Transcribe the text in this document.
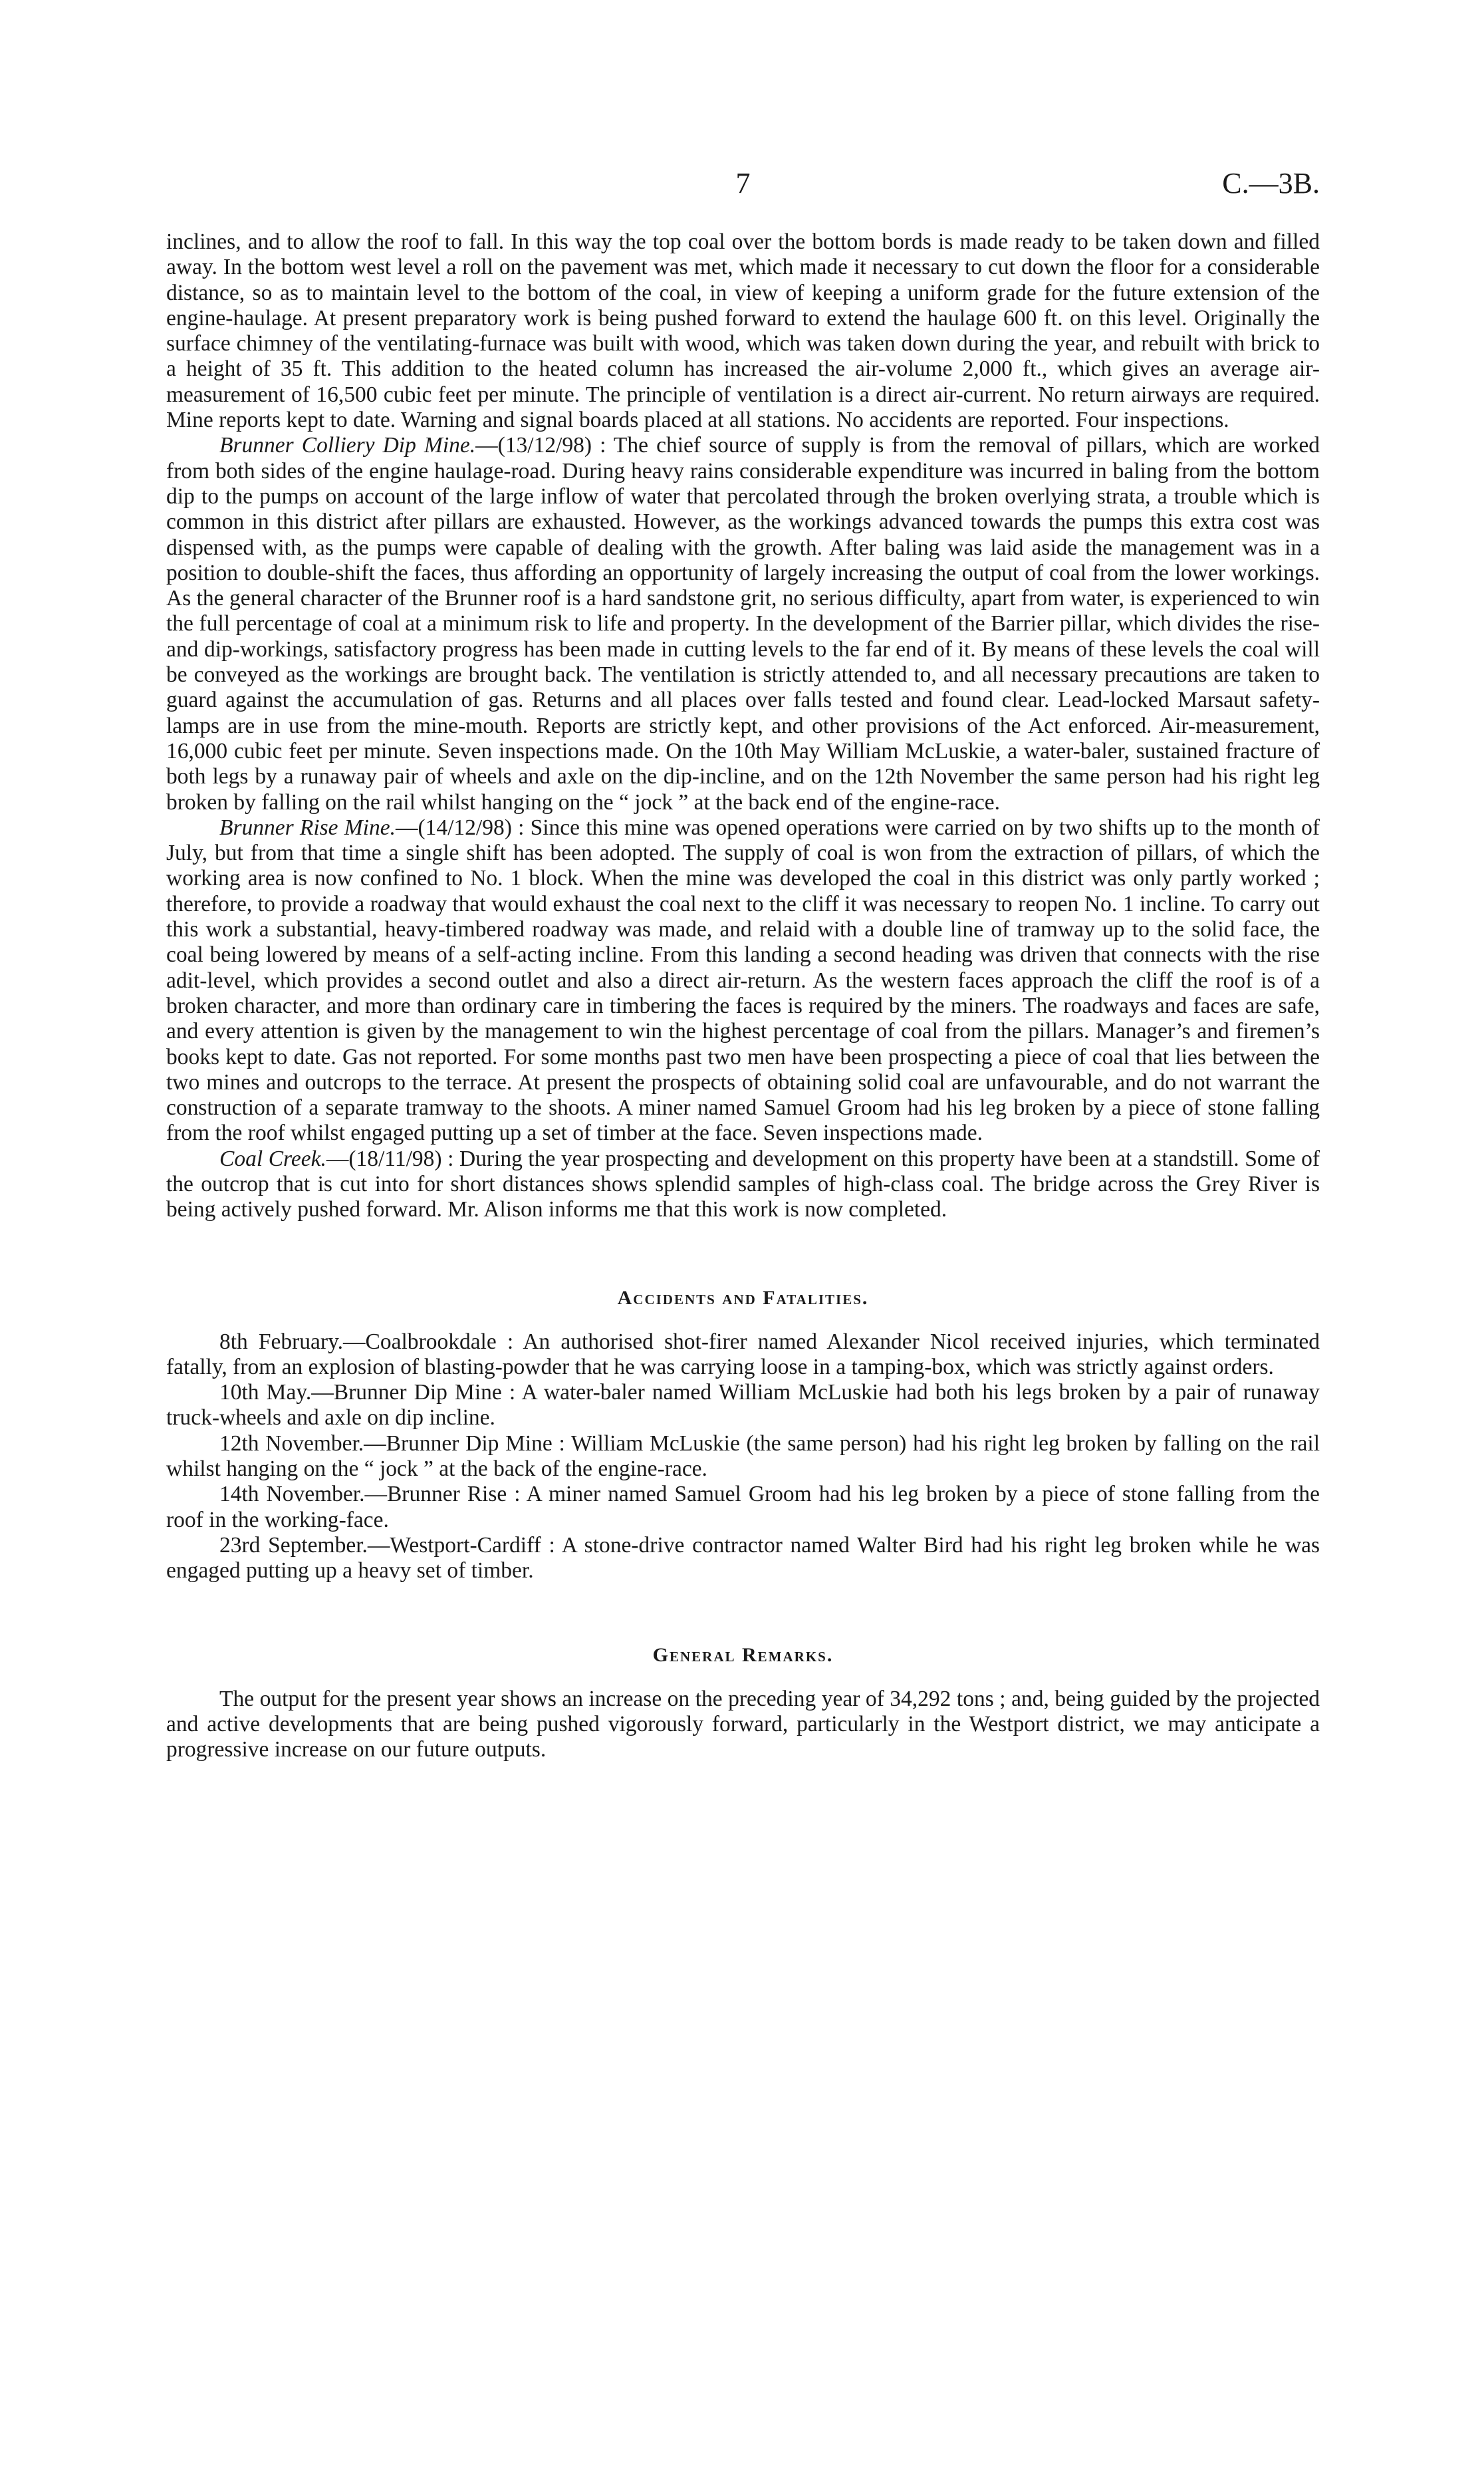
7	C.—3B.

inclines, and to allow the roof to fall. In this way the top coal over the bottom bords is made ready to be taken down and filled away. In the bottom west level a roll on the pavement was met, which made it necessary to cut down the floor for a considerable distance, so as to maintain level to the bottom of the coal, in view of keeping a uniform grade for the future extension of the engine-haulage. At present preparatory work is being pushed forward to extend the haulage 600 ft. on this level. Originally the surface chimney of the ventilating-furnace was built with wood, which was taken down during the year, and rebuilt with brick to a height of 35 ft. This addition to the heated column has increased the air-volume 2,000 ft., which gives an average air-measurement of 16,500 cubic feet per minute. The principle of ventilation is a direct air-current. No return airways are required. Mine reports kept to date. Warning and signal boards placed at all stations. No accidents are reported. Four inspections.

Brunner Colliery Dip Mine.—(13/12/98) : The chief source of supply is from the removal of pillars, which are worked from both sides of the engine haulage-road. During heavy rains considerable expenditure was incurred in baling from the bottom dip to the pumps on account of the large inflow of water that percolated through the broken overlying strata, a trouble which is common in this district after pillars are exhausted. However, as the workings advanced towards the pumps this extra cost was dispensed with, as the pumps were capable of dealing with the growth. After baling was laid aside the management was in a position to double-shift the faces, thus affording an opportunity of largely increasing the output of coal from the lower workings. As the general character of the Brunner roof is a hard sandstone grit, no serious difficulty, apart from water, is experienced to win the full percentage of coal at a minimum risk to life and property. In the development of the Barrier pillar, which divides the rise- and dip-workings, satisfactory progress has been made in cutting levels to the far end of it. By means of these levels the coal will be conveyed as the workings are brought back. The ventilation is strictly attended to, and all necessary precautions are taken to guard against the accumulation of gas. Returns and all places over falls tested and found clear. Lead-locked Marsaut safety-lamps are in use from the mine-mouth. Reports are strictly kept, and other provisions of the Act enforced. Air-measurement, 16,000 cubic feet per minute. Seven inspections made. On the 10th May William McLuskie, a water-baler, sustained fracture of both legs by a runaway pair of wheels and axle on the dip-incline, and on the 12th November the same person had his right leg broken by falling on the rail whilst hanging on the “ jock ” at the back end of the engine-race.

Brunner Rise Mine.—(14/12/98) : Since this mine was opened operations were carried on by two shifts up to the month of July, but from that time a single shift has been adopted. The supply of coal is won from the extraction of pillars, of which the working area is now confined to No. 1 block. When the mine was developed the coal in this district was only partly worked ; therefore, to provide a roadway that would exhaust the coal next to the cliff it was necessary to reopen No. 1 incline. To carry out this work a substantial, heavy-timbered roadway was made, and relaid with a double line of tramway up to the solid face, the coal being lowered by means of a self-acting incline. From this landing a second heading was driven that connects with the rise adit-level, which provides a second outlet and also a direct air-return. As the western faces approach the cliff the roof is of a broken character, and more than ordinary care in timbering the faces is required by the miners. The roadways and faces are safe, and every attention is given by the management to win the highest percentage of coal from the pillars. Manager’s and firemen’s books kept to date. Gas not reported. For some months past two men have been prospecting a piece of coal that lies between the two mines and outcrops to the terrace. At present the prospects of obtaining solid coal are unfavourable, and do not warrant the construction of a separate tramway to the shoots. A miner named Samuel Groom had his leg broken by a piece of stone falling from the roof whilst engaged putting up a set of timber at the face. Seven inspections made.

Coal Creek.—(18/11/98) : During the year prospecting and development on this property have been at a standstill. Some of the outcrop that is cut into for short distances shows splendid samples of high-class coal. The bridge across the Grey River is being actively pushed forward. Mr. Alison informs me that this work is now completed.

Accidents and Fatalities.

8th February.—Coalbrookdale : An authorised shot-firer named Alexander Nicol received injuries, which terminated fatally, from an explosion of blasting-powder that he was carrying loose in a tamping-box, which was strictly against orders.

10th May.—Brunner Dip Mine : A water-baler named William McLuskie had both his legs broken by a pair of runaway truck-wheels and axle on dip incline.

12th November.—Brunner Dip Mine : William McLuskie (the same person) had his right leg broken by falling on the rail whilst hanging on the “ jock ” at the back of the engine-race.

14th November.—Brunner Rise : A miner named Samuel Groom had his leg broken by a piece of stone falling from the roof in the working-face.

23rd September.—Westport-Cardiff : A stone-drive contractor named Walter Bird had his right leg broken while he was engaged putting up a heavy set of timber.

General Remarks.

The output for the present year shows an increase on the preceding year of 34,292 tons ; and, being guided by the projected and active developments that are being pushed vigorously forward, particularly in the Westport district, we may anticipate a progressive increase on our future outputs.
